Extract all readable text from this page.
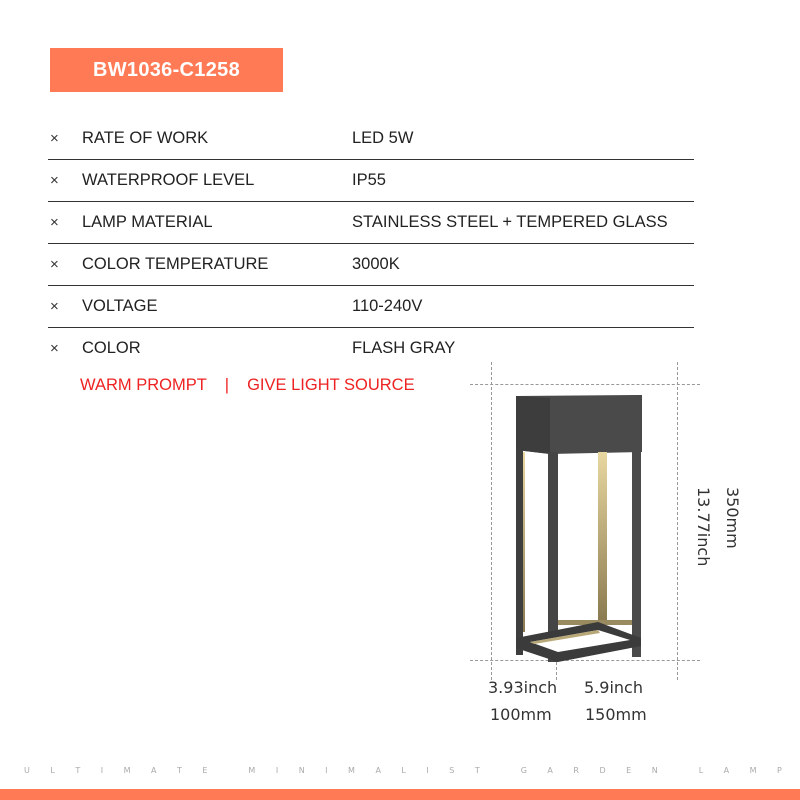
BW1036-C1258
×	RATE OF WORK	LED 5W
×	WATERPROOF LEVEL	IP55
×	LAMP MATERIAL	STAINLESS STEEL + TEMPERED GLASS
×	COLOR TEMPERATURE	3000K
×	VOLTAGE	110-240V
×	COLOR	FLASH GRAY
WARM PROMPT | GIVE LIGHT SOURCE
3.93inch
100mm
5.9inch
150mm
350mm
13.77inch
U	L	T	I	M	A	T	E	M	I	N	I	M	A	L	I	S	T	G	A	R	D	E	N	L	A	M	P
